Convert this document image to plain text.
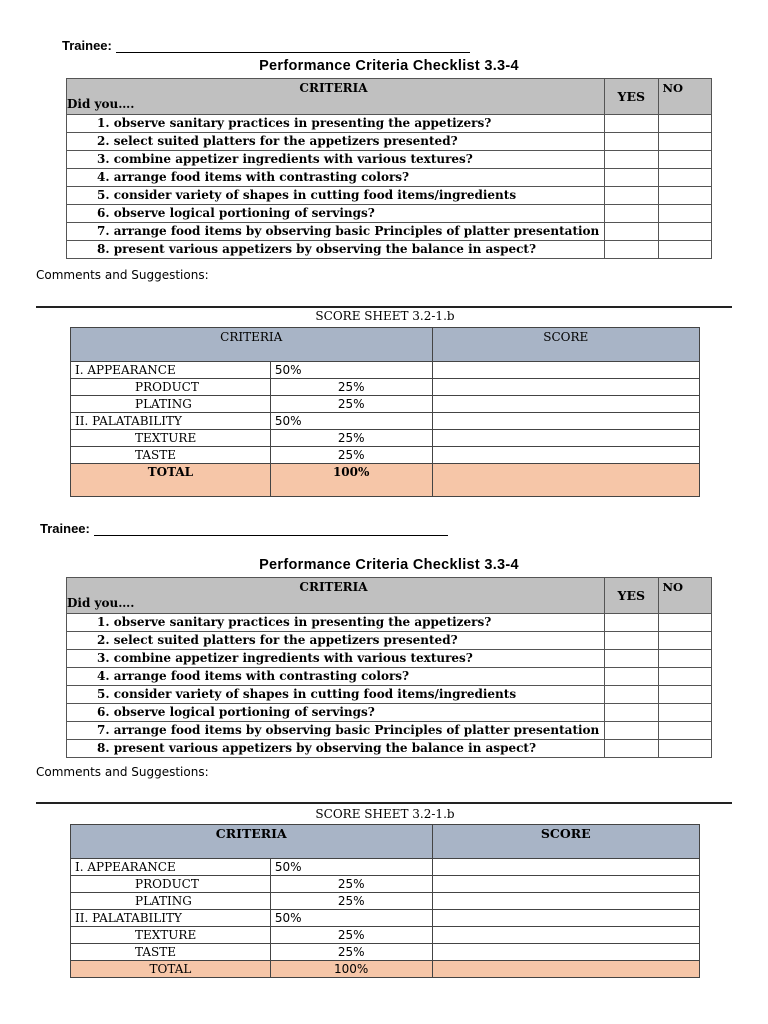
Trainee:
Performance Criteria Checklist 3.3-4
CRITERIA
Did you….	YES	NO
1. observe sanitary practices in presenting the appetizers?		
2. select suited platters for the appetizers presented?		
3. combine appetizer ingredients with various textures?		
4. arrange food items with contrasting colors?		
5. consider variety of shapes in cutting food items/ingredients		
6. observe logical portioning of servings?		
7. arrange food items by observing basic Principles of platter presentation		
8. present various appetizers by observing the balance in aspect?		
Comments and Suggestions:
SCORE SHEET 3.2-1.b
CRITERIA		SCORE
I. APPEARANCE	50%	
PRODUCT	25%	
PLATING	25%	
II. PALATABILITY	50%	
TEXTURE	25%	
TASTE	25%	
TOTAL	100%	
Trainee:
Performance Criteria Checklist 3.3-4
CRITERIA
Did you….	YES	NO
1. observe sanitary practices in presenting the appetizers?		
2. select suited platters for the appetizers presented?		
3. combine appetizer ingredients with various textures?		
4. arrange food items with contrasting colors?		
5. consider variety of shapes in cutting food items/ingredients		
6. observe logical portioning of servings?		
7. arrange food items by observing basic Principles of platter presentation		
8. present various appetizers by observing the balance in aspect?		
Comments and Suggestions:
SCORE SHEET 3.2-1.b
CRITERIA		SCORE
I. APPEARANCE	50%	
PRODUCT	25%	
PLATING	25%	
II. PALATABILITY	50%	
TEXTURE	25%	
TASTE	25%	
TOTAL	100%	
